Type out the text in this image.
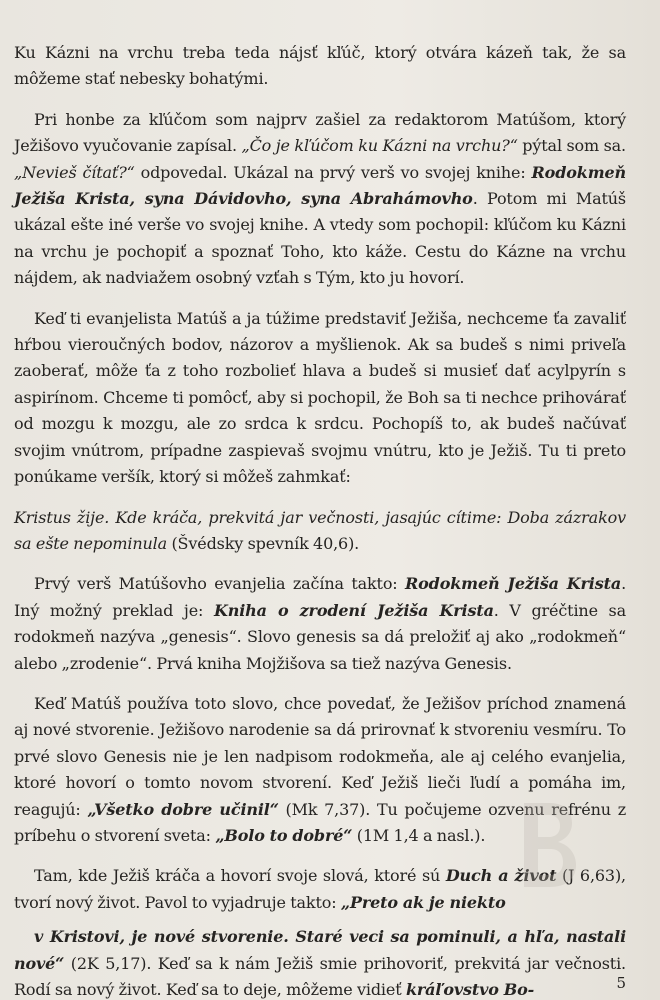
Ku Kázni na vrchu treba teda nájsť kľúč, ktorý otvára kázeň tak, že sa môžeme stať nebesky bohatými.

Pri honbe za kľúčom som najprv zašiel za redaktorom Matúšom, ktorý Ježišovo vyučovanie zapísal. „Čo je kľúčom ku Kázni na vrchu?“ pýtal som sa. „Nevieš čítať?“ odpovedal. Ukázal na prvý verš vo svojej knihe: Rodokmeň Ježiša Krista, syna Dávidovho, syna Abrahámovho. Potom mi Matúš ukázal ešte iné verše vo svojej knihe. A vtedy som pochopil: kľúčom ku Kázni na vrchu je pochopiť a spoznať Toho, kto káže. Cestu do Kázne na vrchu nájdem, ak nadviažem osobný vzťah s Tým, kto ju hovorí.

Keď ti evanjelista Matúš a ja túžime predstaviť Ježiša, nechceme ťa zavaliť hŕbou vieroučných bodov, názorov a myšlienok. Ak sa budeš s nimi priveľa zaoberať, môže ťa z toho rozbolieť hlava a budeš si musieť dať acylpyrín s aspirínom. Chceme ti pomôcť, aby si pochopil, že Boh sa ti nechce prihovárať od mozgu k mozgu, ale zo srdca k srdcu. Pochopíš to, ak budeš načúvať svojim vnútrom, prípadne zaspievaš svojmu vnútru, kto je Ježiš. Tu ti preto ponúkame veršík, ktorý si môžeš zahmkať:

Kristus žije. Kde kráča, prekvitá jar večnosti, jasajúc cítime: Doba zázrakov sa ešte nepominula (Švédsky spevník 40,6).

Prvý verš Matúšovho evanjelia začína takto: Rodokmeň Ježiša Krista. Iný možný preklad je: Kniha o zrodení Ježiša Krista. V gréčtine sa rodokmeň nazýva „genesis“. Slovo genesis sa dá preložiť aj ako „rodokmeň“ alebo „zrodenie“. Prvá kniha Mojžišova sa tiež nazýva Genesis.

Keď Matúš používa toto slovo, chce povedať, že Ježišov príchod znamená aj nové stvorenie. Ježišovo narodenie sa dá prirovnať k stvoreniu vesmíru. To prvé slovo Genesis nie je len nadpisom rodokmeňa, ale aj celého evanjelia, ktoré hovorí o tomto novom stvorení. Keď Ježiš lieči ľudí a pomáha im, reagujú: „Všetko dobre učinil“ (Mk 7,37). Tu počujeme ozvenu refrénu z príbehu o stvorení sveta: „Bolo to dobré“ (1M 1,4 a nasl.).

Tam, kde Ježiš kráča a hovorí svoje slová, ktoré sú Duch a život (J 6,63), tvorí nový život. Pavol to vyjadruje takto: „Preto ak je niekto

v Kristovi, je nové stvorenie. Staré veci sa pominuli, a hľa, nastali nové“ (2K 5,17). Keď sa k nám Ježiš smie prihovoriť, prekvitá jar večnosti. Rodí sa nový život. Keď sa to deje, môžeme vidieť kráľovstvo Bo-	5
